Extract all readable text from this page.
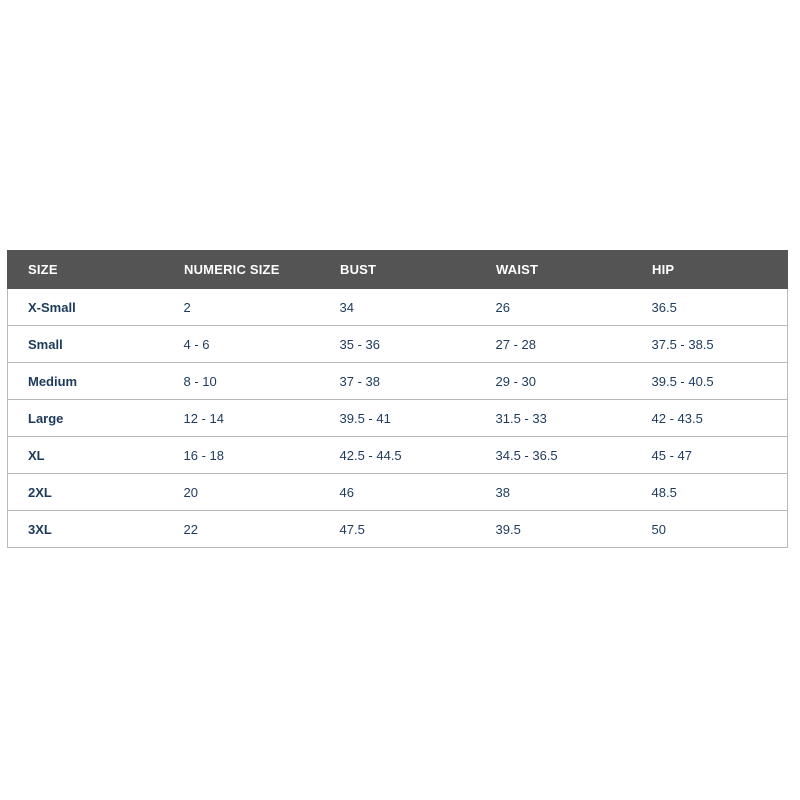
SIZE	NUMERIC SIZE	BUST	WAIST	HIP
X-Small	2	34	26	36.5
Small	4 - 6	35 - 36	27 - 28	37.5 - 38.5
Medium	8 - 10	37 - 38	29 - 30	39.5 - 40.5
Large	12 - 14	39.5 - 41	31.5 - 33	42 - 43.5
XL	16 - 18	42.5 - 44.5	34.5 - 36.5	45 - 47
2XL	20	46	38	48.5
3XL	22	47.5	39.5	50
